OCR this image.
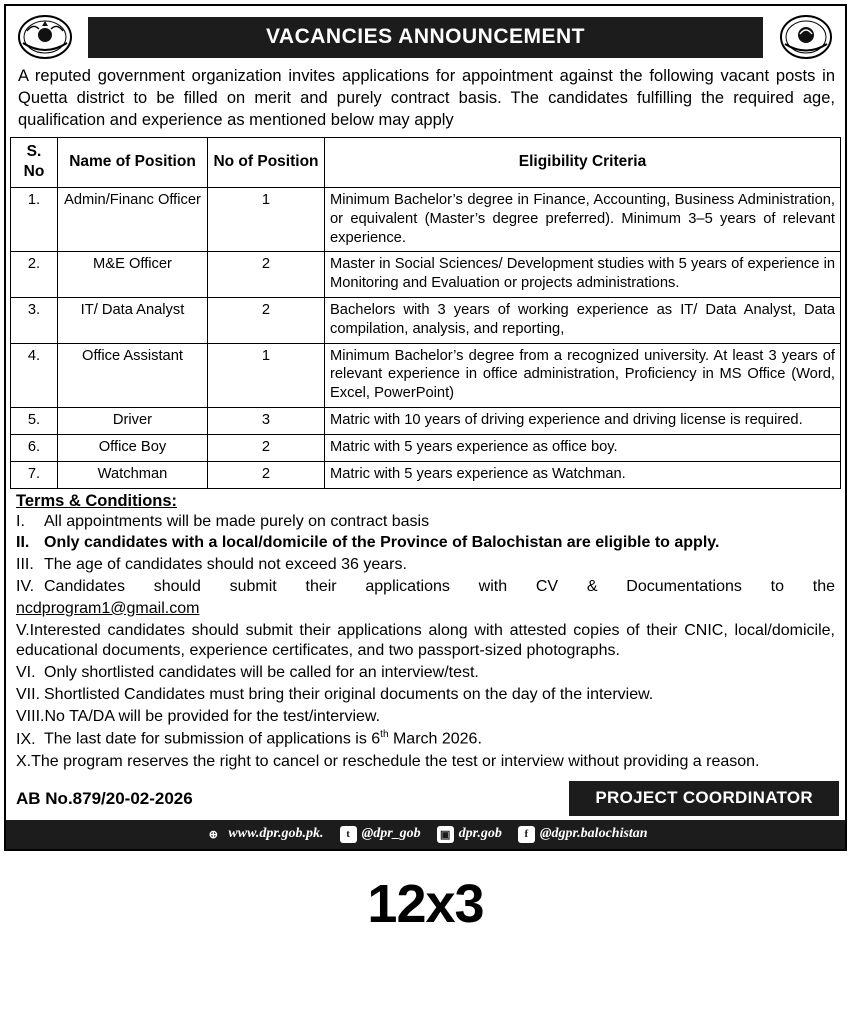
VACANCIES ANNOUNCEMENT
A reputed government organization invites applications for appointment against the following vacant posts in Quetta district to be filled on merit and purely contract basis. The candidates fulfilling the required age, qualification and experience as mentioned below may apply
S.
No	Name of Position	No of Position	Eligibility Criteria
1.	Admin/Financ Officer	1	Minimum Bachelor’s degree in Finance, Accounting, Business Administration, or equivalent (Master’s degree preferred). Minimum 3–5 years of relevant experience.
2.	M&E Officer	2	Master in Social Sciences/ Development studies with 5 years of experience in Monitoring and Evaluation or projects administrations.
3.	IT/ Data Analyst	2	Bachelors with 3 years of working experience as IT/ Data Analyst, Data compilation, analysis, and reporting,
4.	Office Assistant	1	Minimum Bachelor’s degree from a recognized university. At least 3 years of relevant experience in office administration, Proficiency in MS Office (Word, Excel, PowerPoint)
5.	Driver	3	Matric with 10 years of driving experience and driving license is required.
6.	Office Boy	2	Matric with 5 years experience as office boy.
7.	Watchman	2	Matric with 5 years experience as Watchman.
Terms & Conditions:
I. All appointments will be made purely on contract basis
II. Only candidates with a local/domicile of the Province of Balochistan are eligible to apply.
III. The age of candidates should not exceed 36 years.
IV. Candidates should submit their applications with CV & Documentations to the
ncdprogram1@gmail.com
V.Interested candidates should submit their applications along with attested copies of their CNIC, local/domicile, educational documents, experience certificates, and two passport-sized photographs.
VI. Only shortlisted candidates will be called for an interview/test.
VII. Shortlisted Candidates must bring their original documents on the day of the interview.
VIII.No TA/DA will be provided for the test/interview.
IX. The last date for submission of applications is 6th March 2026.
X.The program reserves the right to cancel or reschedule the test or interview without providing a reason.
AB No.879/20-02-2026	PROJECT COORDINATOR
⊕ www.dpr.gob.pk.	t @dpr_gob ▣ dpr.gob	f @dgpr.balochistan
12x3
